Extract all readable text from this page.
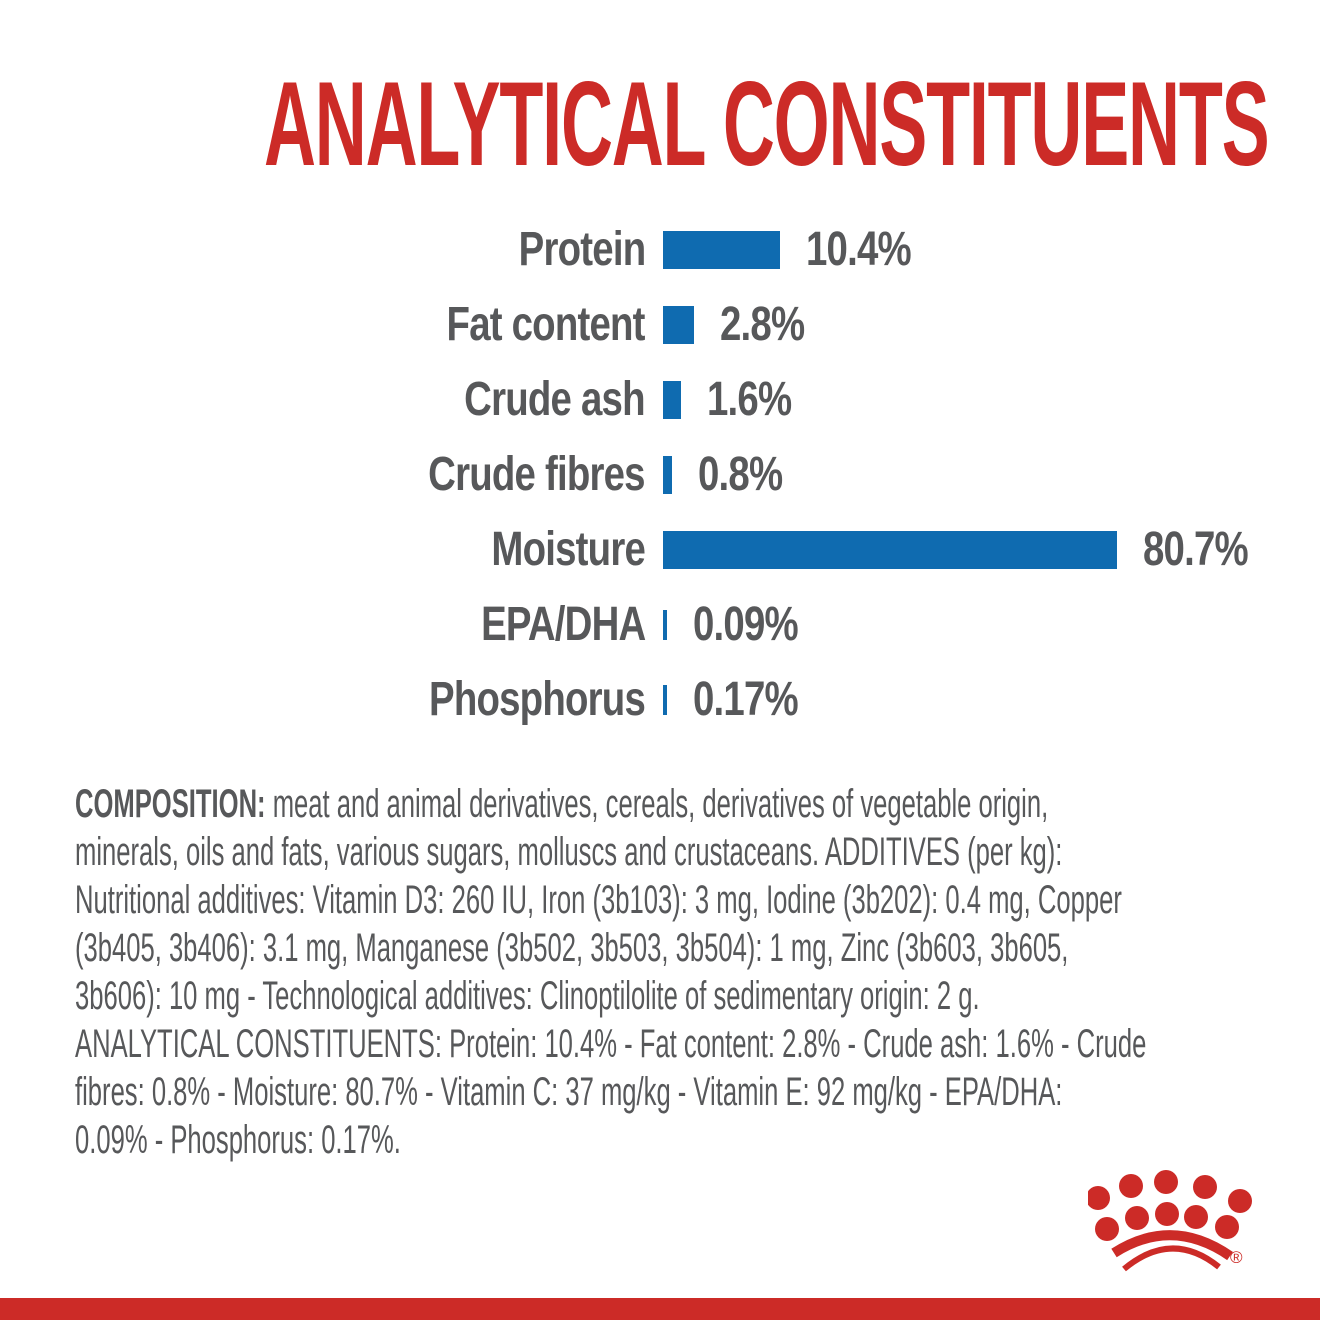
ANALYTICAL CONSTITUENTS
Protein	10.4%
Fat content 2.8%
Crude ash 1.6%
Crude fibres 0.8%
Moisture	80.7%
EPA/DHA 0.09%
Phosphorus 0.17%
COMPOSITION: meat and animal derivatives, cereals, derivatives of vegetable origin,
minerals, oils and fats, various sugars, molluscs and crustaceans. ADDITIVES (per kg):
Nutritional additives: Vitamin D3: 260 IU, Iron (3b103): 3 mg, Iodine (3b202): 0.4 mg, Copper
(3b405, 3b406): 3.1 mg, Manganese (3b502, 3b503, 3b504): 1 mg, Zinc (3b603, 3b605,
3b606): 10 mg - Technological additives: Clinoptilolite of sedimentary origin: 2 g.
ANALYTICAL CONSTITUENTS: Protein: 10.4% - Fat content: 2.8% - Crude ash: 1.6% - Crude
fibres: 0.8% - Moisture: 80.7% - Vitamin C: 37 mg/kg - Vitamin E: 92 mg/kg - EPA/DHA:
0.09% - Phosphorus: 0.17%.
®
